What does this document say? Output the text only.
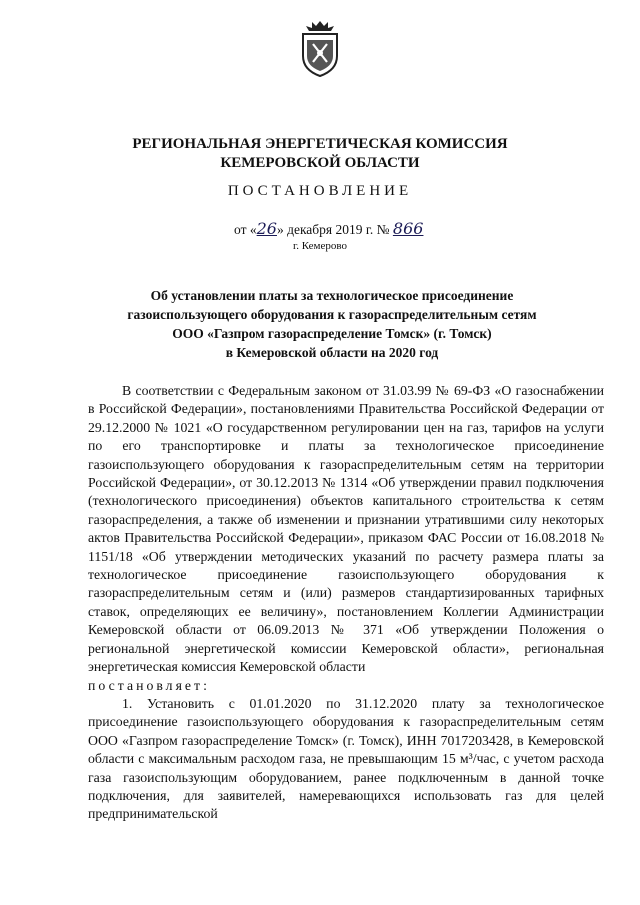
РЕГИОНАЛЬНАЯ ЭНЕРГЕТИЧЕСКАЯ КОМИССИЯ
КЕМЕРОВСКОЙ ОБЛАСТИ
ПОСТАНОВЛЕНИЕ
от «26» декабря 2019 г. № 866
г. Кемерово
Об установлении платы за технологическое присоединение
газоиспользующего оборудования к газораспределительным сетям
ООО «Газпром газораспределение Томск» (г. Томск)
в Кемеровской области на 2020 год

В соответствии с Федеральным законом от 31.03.99 № 69-ФЗ «О газоснабжении в Российской Федерации», постановлениями Правительства Российской Федерации от 29.12.2000 № 1021 «О государственном регулировании цен на газ, тарифов на услуги по его транспортировке и платы за технологическое присоединение газоиспользующего оборудования к газораспределительным сетям на территории Российской Федерации», от 30.12.2013 № 1314 «Об утверждении правил подключения (технологического присоединения) объектов капитального строительства к сетям газораспределения, а также об изменении и признании утратившими силу некоторых актов Правительства Российской Федерации», приказом ФАС России от 16.08.2018 № 1151/18 «Об утверждении методических указаний по расчету размера платы за технологическое присоединение газоиспользующего оборудования к газораспределительным сетям и (или) размеров стандартизированных тарифных ставок, определяющих ее величину», постановлением Коллегии Администрации Кемеровской области от 06.09.2013 № 371 «Об утверждении Положения о региональной энергетической комиссии Кемеровской области», региональная энергетическая комиссия Кемеровской области

постановляет:

1. Установить с 01.01.2020 по 31.12.2020 плату за технологическое присоединение газоиспользующего оборудования к газораспределительным сетям ООО «Газпром газораспределение Томск» (г. Томск), ИНН 7017203428, в Кемеровской области с максимальным расходом газа, не превышающим 15 м³/час, с учетом расхода газа газоиспользующим оборудованием, ранее подключенным в данной точке подключения, для заявителей, намеревающихся использовать газ для целей предпринимательской
